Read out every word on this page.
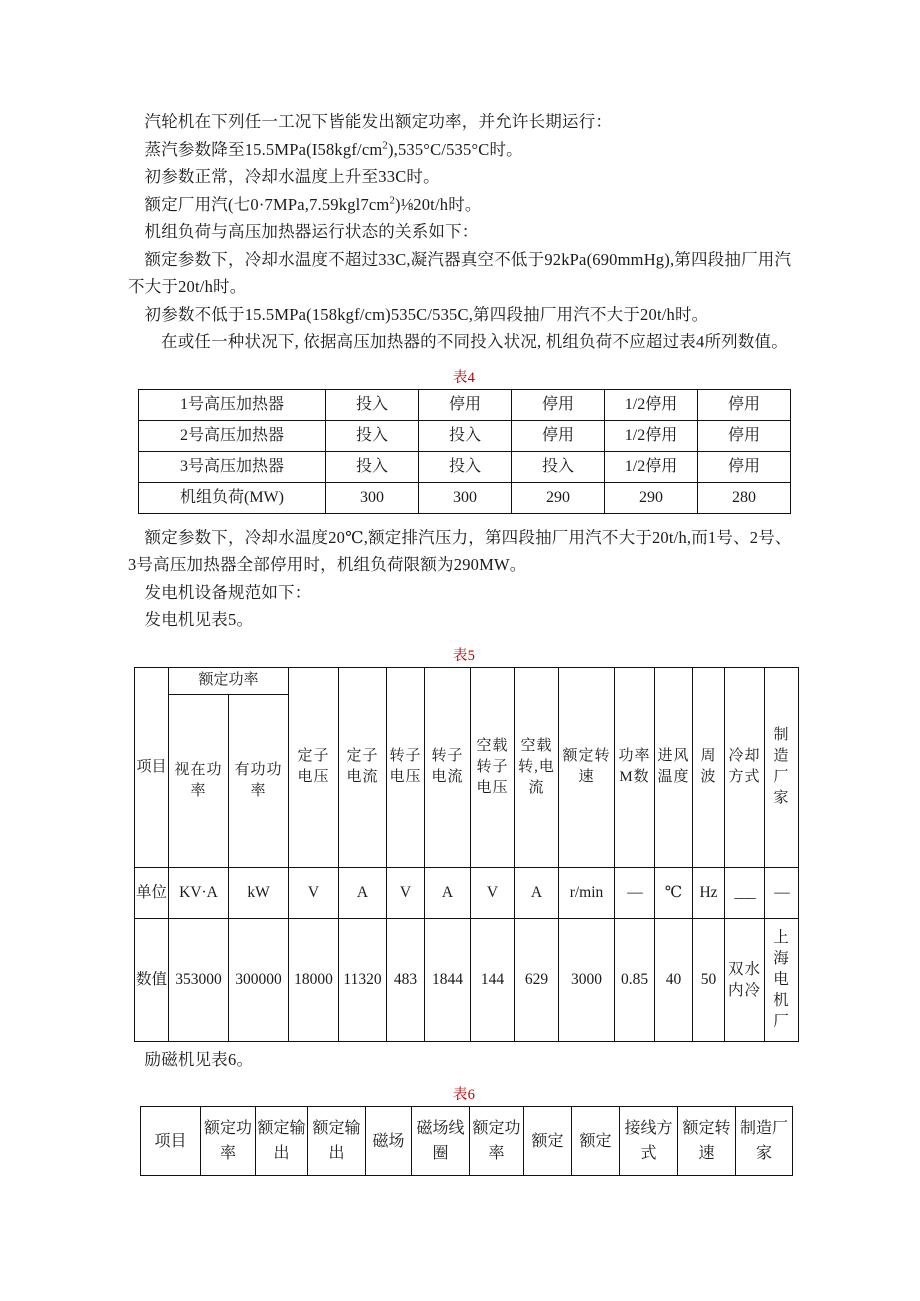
汽轮机在下列任一工况下皆能发出额定功率，并允许长期运行：

蒸汽参数降至$15.5MPa(I58kgf/cm^2),535^\circ C/535^\circ C$时。

初参数正常，冷却水温度上升至33C时。

额定厂用汽(七$0\cdot 7MPa,7.59kgl7cm^2)\frac{1}{8}20t/h$时。

机组负荷与高压加热器运行状态的关系如下：

额定参数下，冷却水温度不超过33C,凝汽器真空不低于92kPa(690mmHg),第四段抽厂用汽不大于20t/h时。

初参数不低于15.5MPa(158kgf/cm)535C/535C,第四段抽厂用汽不大于20t/h时。

在或任一种状况下, 依据高压加热器的不同投入状况, 机组负荷不应超过表4所列数值。

表4
1号高压加热器	投入	停用	停用	1/2停用	停用
2号高压加热器	投入	投入	停用	1/2停用	停用
3号高压加热器	投入	投入	投入	1/2停用	停用
机组负荷(MW)	300	300	290	290	280

额定参数下，冷却水温度20℃,额定排汽压力，第四段抽厂用汽不大于20t/h,而1号、2号、3号高压加热器全部停用时，机组负荷限额为290MW。

发电机设备规范如下：

发电机见表5。

表5
项目	额定功率		定子电压	定子电流	转子电压	转子电流	空载转子电压	空载转,电流	额定转速	功率M数	进风温度	周波	冷却方式	制造厂家
	视在功率	有功功率												
单位	KV·A	kW	V	A	V	A	V	A	r/min	—	℃	Hz	___	—
数值	353000	300000	18000	11320	483	1844	144	629	3000	0.85	40	50	双水内冷	上海电机厂

励磁机见表6。

表6
项目	额定功率	额定输出	额定输出	磁场	磁场线圈	额定功率	额定	额定	接线方式	额定转速	制造厂家
